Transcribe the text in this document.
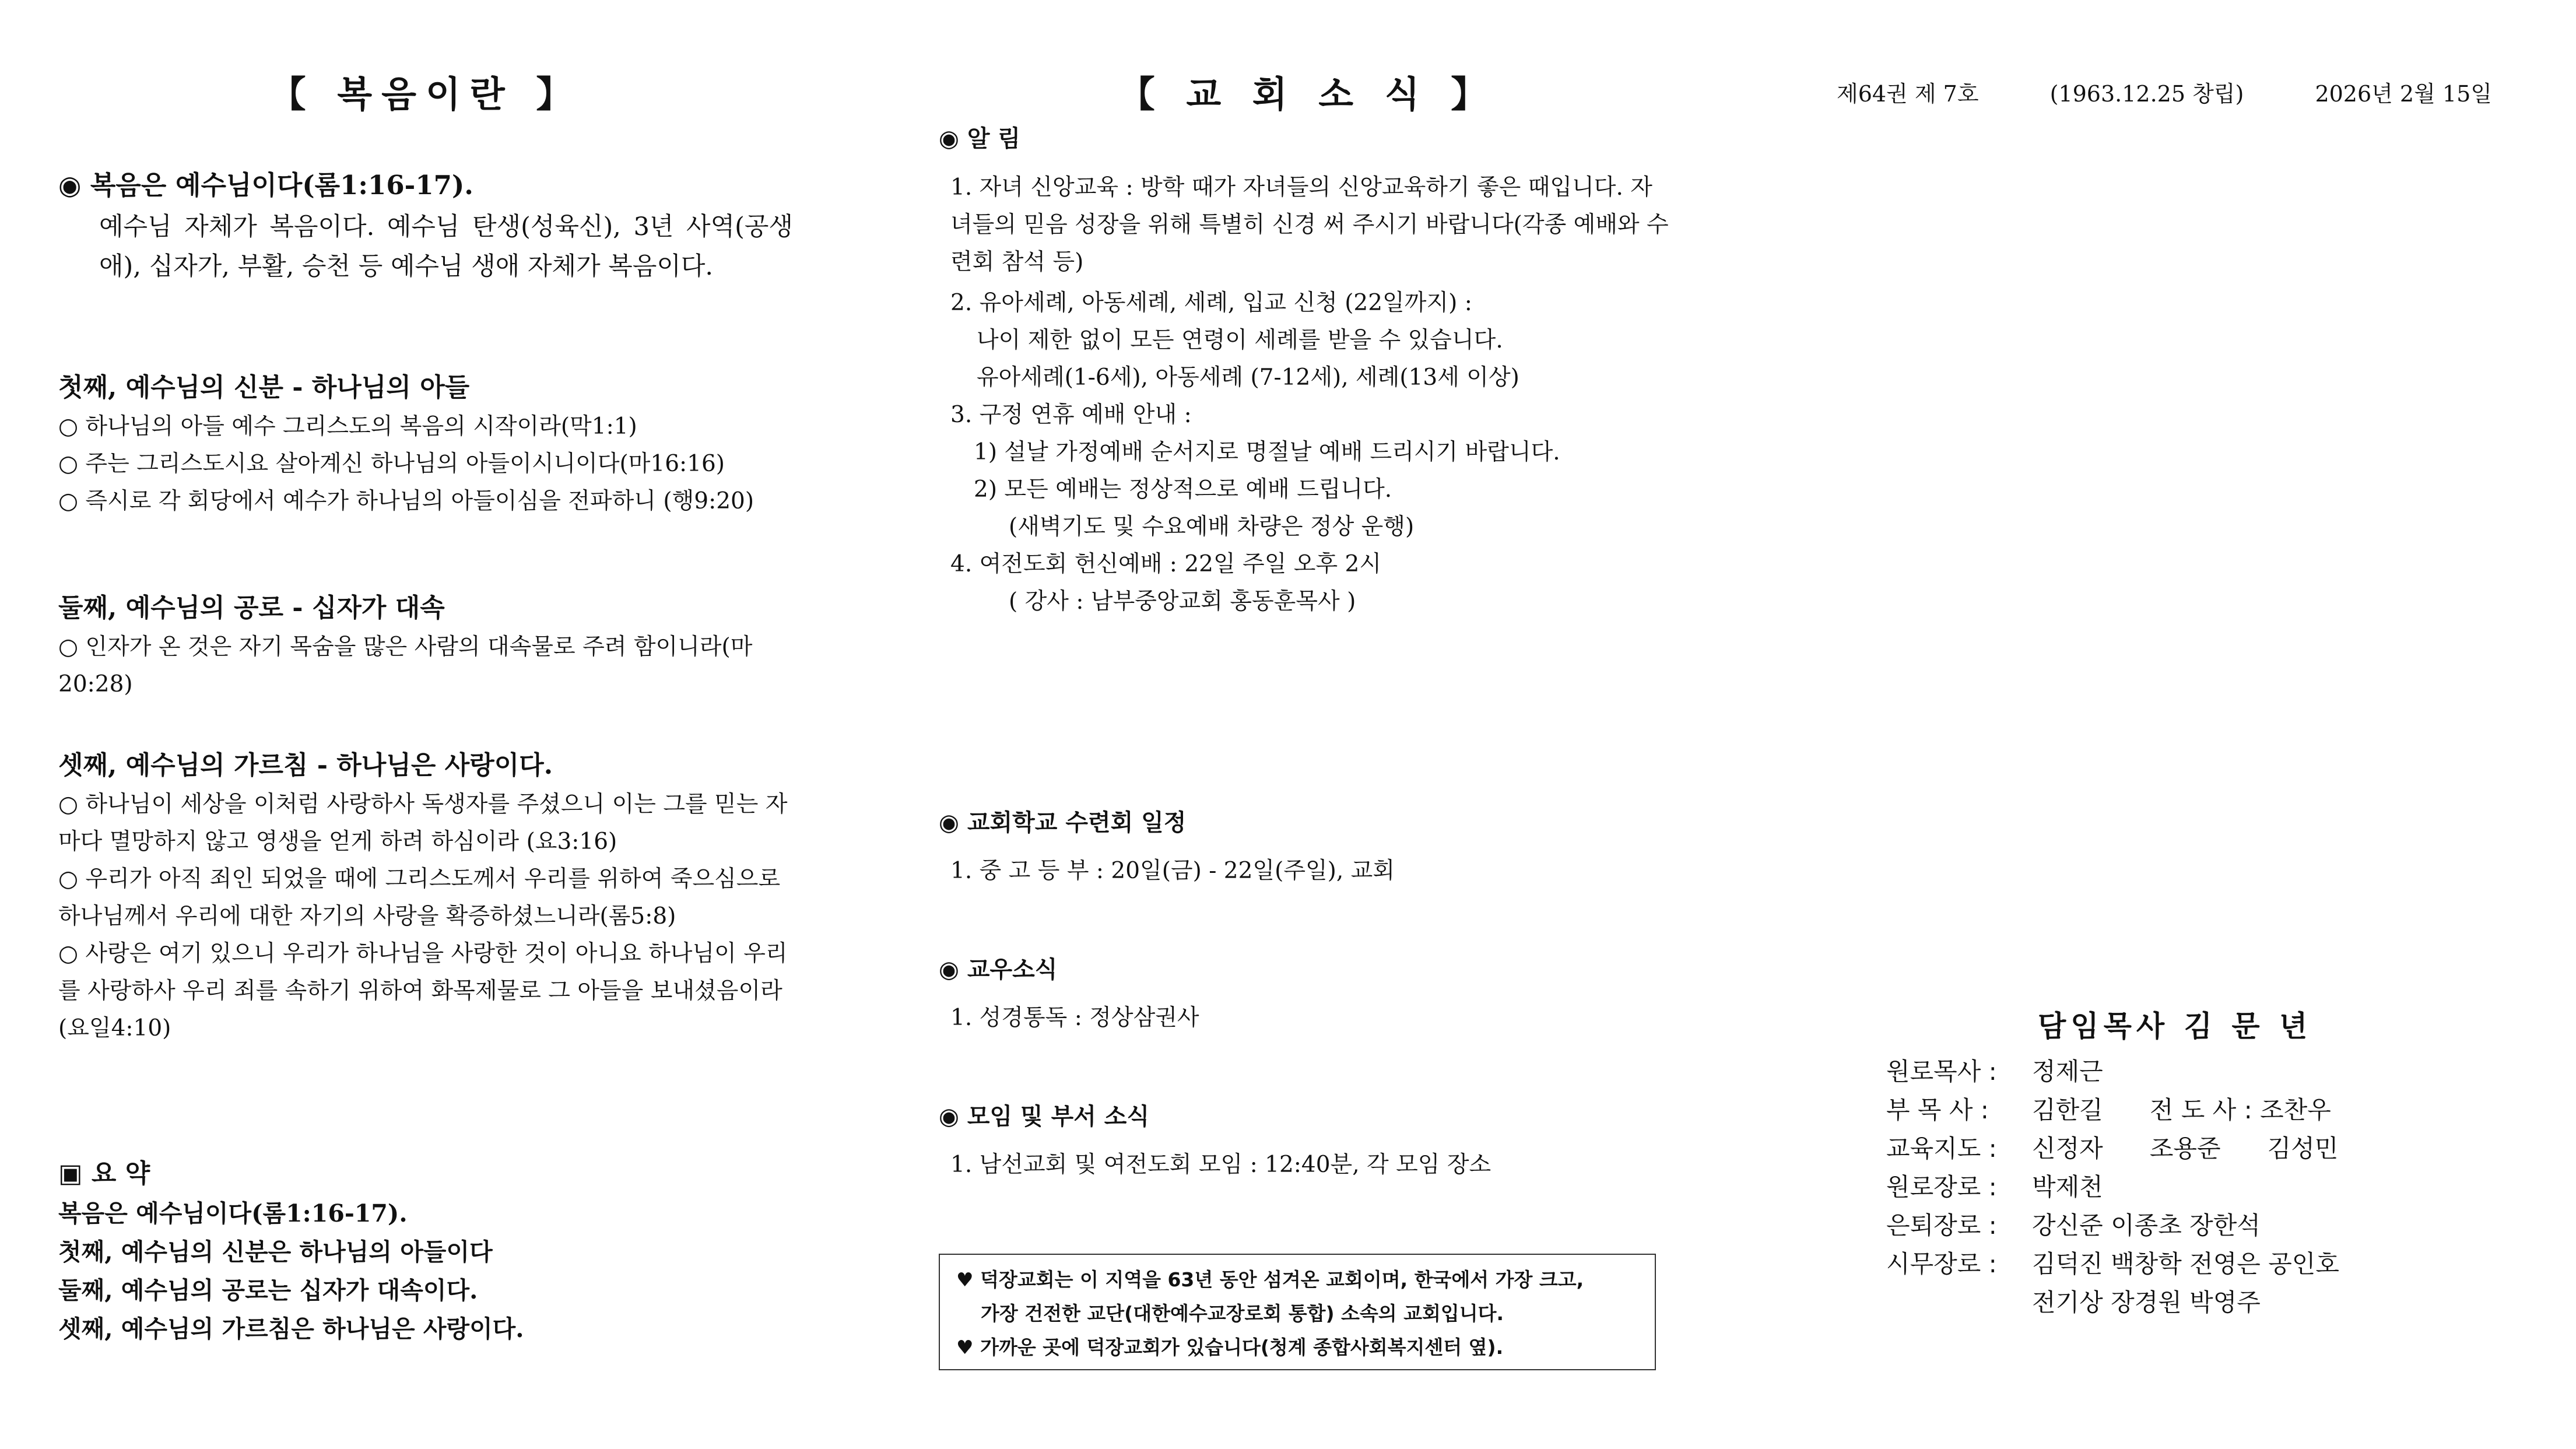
【 복음이란 】
◉ 복음은 예수님이다(롬1:16-17).
예수님 자체가 복음이다. 예수님 탄생(성육신), 3년 사역(공생애), 십자가, 부활, 승천 등 예수님 생애 자체가 복음이다.
첫째, 예수님의 신분 - 하나님의 아들
○ 하나님의 아들 예수 그리스도의 복음의 시작이라(막1:1)
○ 주는 그리스도시요 살아계신 하나님의 아들이시니이다(마16:16)
○ 즉시로 각 회당에서 예수가 하나님의 아들이심을 전파하니 (행9:20)
둘째, 예수님의 공로 - 십자가 대속
○ 인자가 온 것은 자기 목숨을 많은 사람의 대속물로 주려 함이니라(마20:28)
셋째, 예수님의 가르침 - 하나님은 사랑이다.
○ 하나님이 세상을 이처럼 사랑하사 독생자를 주셨으니 이는 그를 믿는 자마다 멸망하지 않고 영생을 얻게 하려 하심이라 (요3:16)
○ 우리가 아직 죄인 되었을 때에 그리스도께서 우리를 위하여 죽으심으로 하나님께서 우리에 대한 자기의 사랑을 확증하셨느니라(롬5:8)
○ 사랑은 여기 있으니 우리가 하나님을 사랑한 것이 아니요 하나님이 우리를 사랑하사 우리 죄를 속하기 위하여 화목제물로 그 아들을 보내셨음이라(요일4:10)
▣ 요 약
복음은 예수님이다(롬1:16-17).
첫째, 예수님의 신분은 하나님의 아들이다
둘째, 예수님의 공로는 십자가 대속이다.
셋째, 예수님의 가르침은 하나님은 사랑이다.
【 교 회 소 식 】
◉ 알 림
1. 자녀 신앙교육 : 방학 때가 자녀들의 신앙교육하기 좋은 때입니다. 자녀들의 믿음 성장을 위해 특별히 신경 써 주시기 바랍니다(각종 예배와 수련회 참석 등)
2. 유아세례, 아동세례, 세례, 입교 신청 (22일까지) :
나이 제한 없이 모든 연령이 세례를 받을 수 있습니다.
유아세례(1-6세), 아동세례 (7-12세), 세례(13세 이상)
3. 구정 연휴 예배 안내 :
1) 설날 가정예배 순서지로 명절날 예배 드리시기 바랍니다.
2) 모든 예배는 정상적으로 예배 드립니다.
(새벽기도 및 수요예배 차량은 정상 운행)
4. 여전도회 헌신예배 : 22일 주일 오후 2시
( 강사 : 남부중앙교회 홍동훈목사 )
◉ 교회학교 수련회 일정
1. 중 고 등 부 : 20일(금) - 22일(주일), 교회
◉ 교우소식
1. 성경통독 : 정상삼권사
◉ 모임 및 부서 소식
1. 남선교회 및 여전도회 모임 : 12:40분, 각 모임 장소
♥ 덕장교회는 이 지역을 63년 동안 섬겨온 교회이며, 한국에서 가장 크고,
가장 건전한 교단(대한예수교장로회 통합) 소속의 교회입니다.
♥ 가까운 곳에 덕장교회가 있습니다(청계 종합사회복지센터 옆).
제64권 제 7호	(1963.12.25 창립)	2026년 2월 15일
담임목사 김 문 년
원로목사 : 정제근
부 목 사 : 김한길      전 도 사 : 조찬우
교육지도 : 신정자      조용준      김성민
원로장로 : 박제천
은퇴장로 : 강신준 이종초 장한석
시무장로 : 김덕진 백창학 전영은 공인호
전기상 장경원 박영주
